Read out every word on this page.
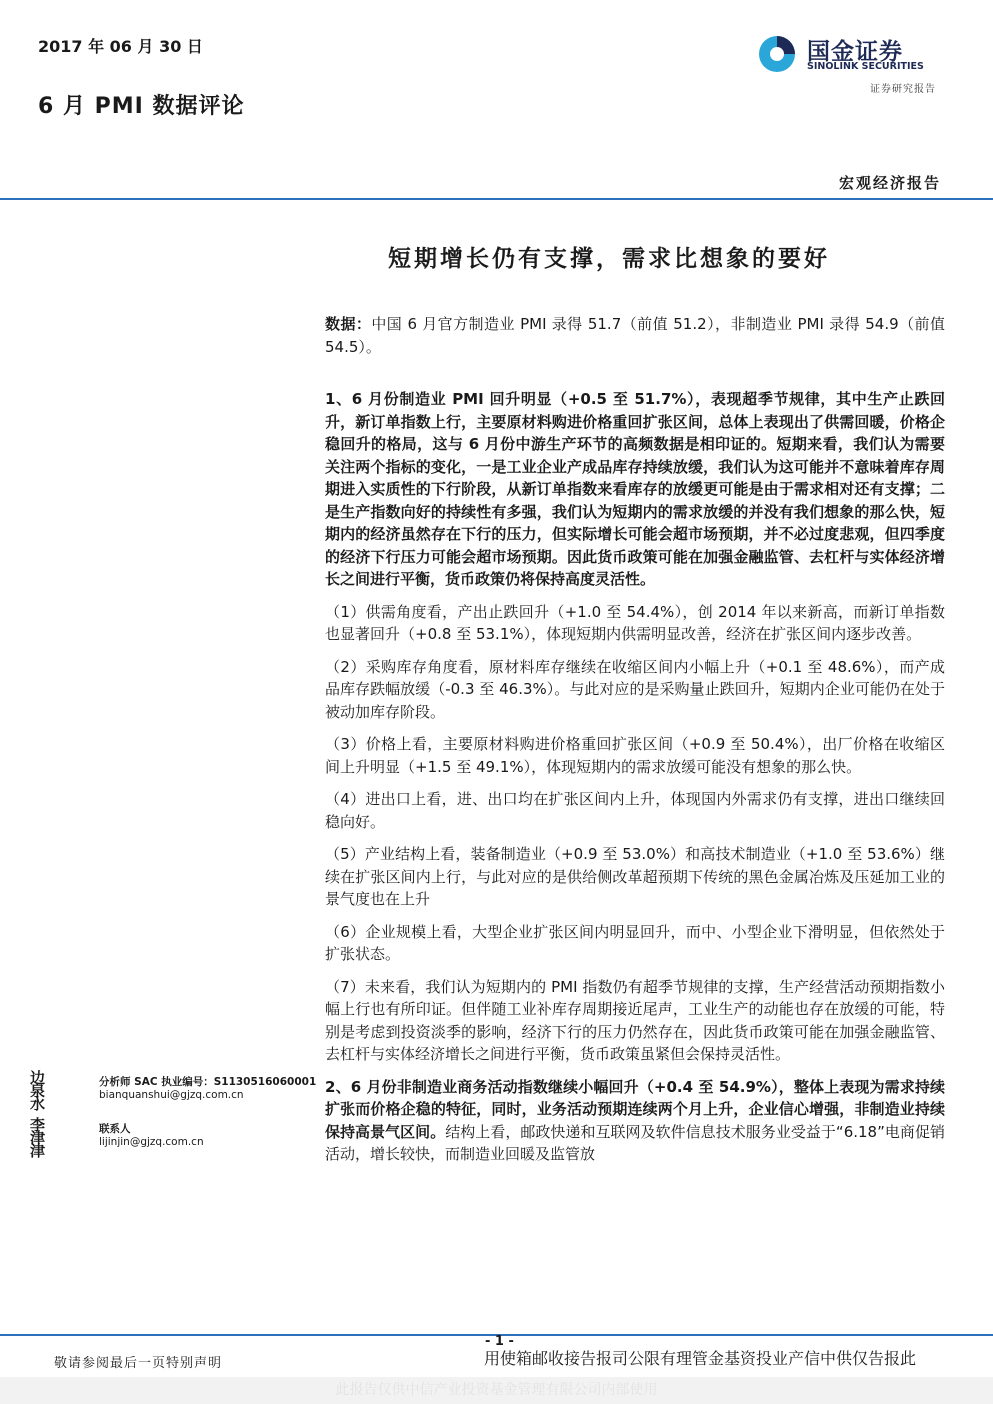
2017 年 06 月 30 日
6 月 PMI 数据评论
国金证券
SINOLINK SECURITIES
证券研究报告
宏观经济报告
短期增长仍有支撑，需求比想象的要好

数据：中国 6 月官方制造业 PMI 录得 51.7（前值 51.2），非制造业 PMI 录得 54.9（前值 54.5）。

1、6 月份制造业 PMI 回升明显（+0.5 至 51.7%），表现超季节规律，其中生产止跌回升，新订单指数上行，主要原材料购进价格重回扩张区间，总体上表现出了供需回暖，价格企稳回升的格局，这与 6 月份中游生产环节的高频数据是相印证的。短期来看，我们认为需要关注两个指标的变化，一是工业企业产成品库存持续放缓，我们认为这可能并不意味着库存周期进入实质性的下行阶段，从新订单指数来看库存的放缓更可能是由于需求相对还有支撑；二是生产指数向好的持续性有多强，我们认为短期内的需求放缓的并没有我们想象的那么快，短期内的经济虽然存在下行的压力，但实际增长可能会超市场预期，并不必过度悲观，但四季度的经济下行压力可能会超市场预期。因此货币政策可能在加强金融监管、去杠杆与实体经济增长之间进行平衡，货币政策仍将保持高度灵活性。

（1）供需角度看，产出止跌回升（+1.0 至 54.4%），创 2014 年以来新高，而新订单指数也显著回升（+0.8 至 53.1%），体现短期内供需明显改善，经济在扩张区间内逐步改善。

（2）采购库存角度看，原材料库存继续在收缩区间内小幅上升（+0.1 至 48.6%），而产成品库存跌幅放缓（-0.3 至 46.3%）。与此对应的是采购量止跌回升，短期内企业可能仍在处于被动加库存阶段。

（3）价格上看，主要原材料购进价格重回扩张区间（+0.9 至 50.4%），出厂价格在收缩区间上升明显（+1.5 至 49.1%），体现短期内的需求放缓可能没有想象的那么快。

（4）进出口上看，进、出口均在扩张区间内上升，体现国内外需求仍有支撑，进出口继续回稳向好。

（5）产业结构上看，装备制造业（+0.9 至 53.0%）和高技术制造业（+1.0 至 53.6%）继续在扩张区间内上行，与此对应的是供给侧改革超预期下传统的黑色金属冶炼及压延加工业的景气度也在上升

（6）企业规模上看，大型企业扩张区间内明显回升，而中、小型企业下滑明显，但依然处于扩张状态。

（7）未来看，我们认为短期内的 PMI 指数仍有超季节规律的支撑，生产经营活动预期指数小幅上行也有所印证。但伴随工业补库存周期接近尾声，工业生产的动能也存在放缓的可能，特别是考虑到投资淡季的影响，经济下行的压力仍然存在，因此货币政策可能在加强金融监管、去杠杆与实体经济增长之间进行平衡，货币政策虽紧但会保持灵活性。

2、6 月份非制造业商务活动指数继续小幅回升（+0.4 至 54.9%），整体上表现为需求持续扩张而价格企稳的特征，同时，业务活动预期连续两个月上升，企业信心增强，非制造业持续保持高景气区间。结构上看，邮政快递和互联网及软件信息技术服务业受益于“6.18”电商促销活动，增长较快，而制造业回暖及监管放

边泉水
分析师 SAC 执业编号：S1130516060001
bianquanshui@gjzq.com.cn
李津津
联系人
lijinjin@gjzq.com.cn
- 1 -
敬请参阅最后一页特别声明	用使箱邮收接告报司公限有理管金基资投业产信中供仅告报此
此报告仅供中信产业投资基金管理有限公司内部使用
